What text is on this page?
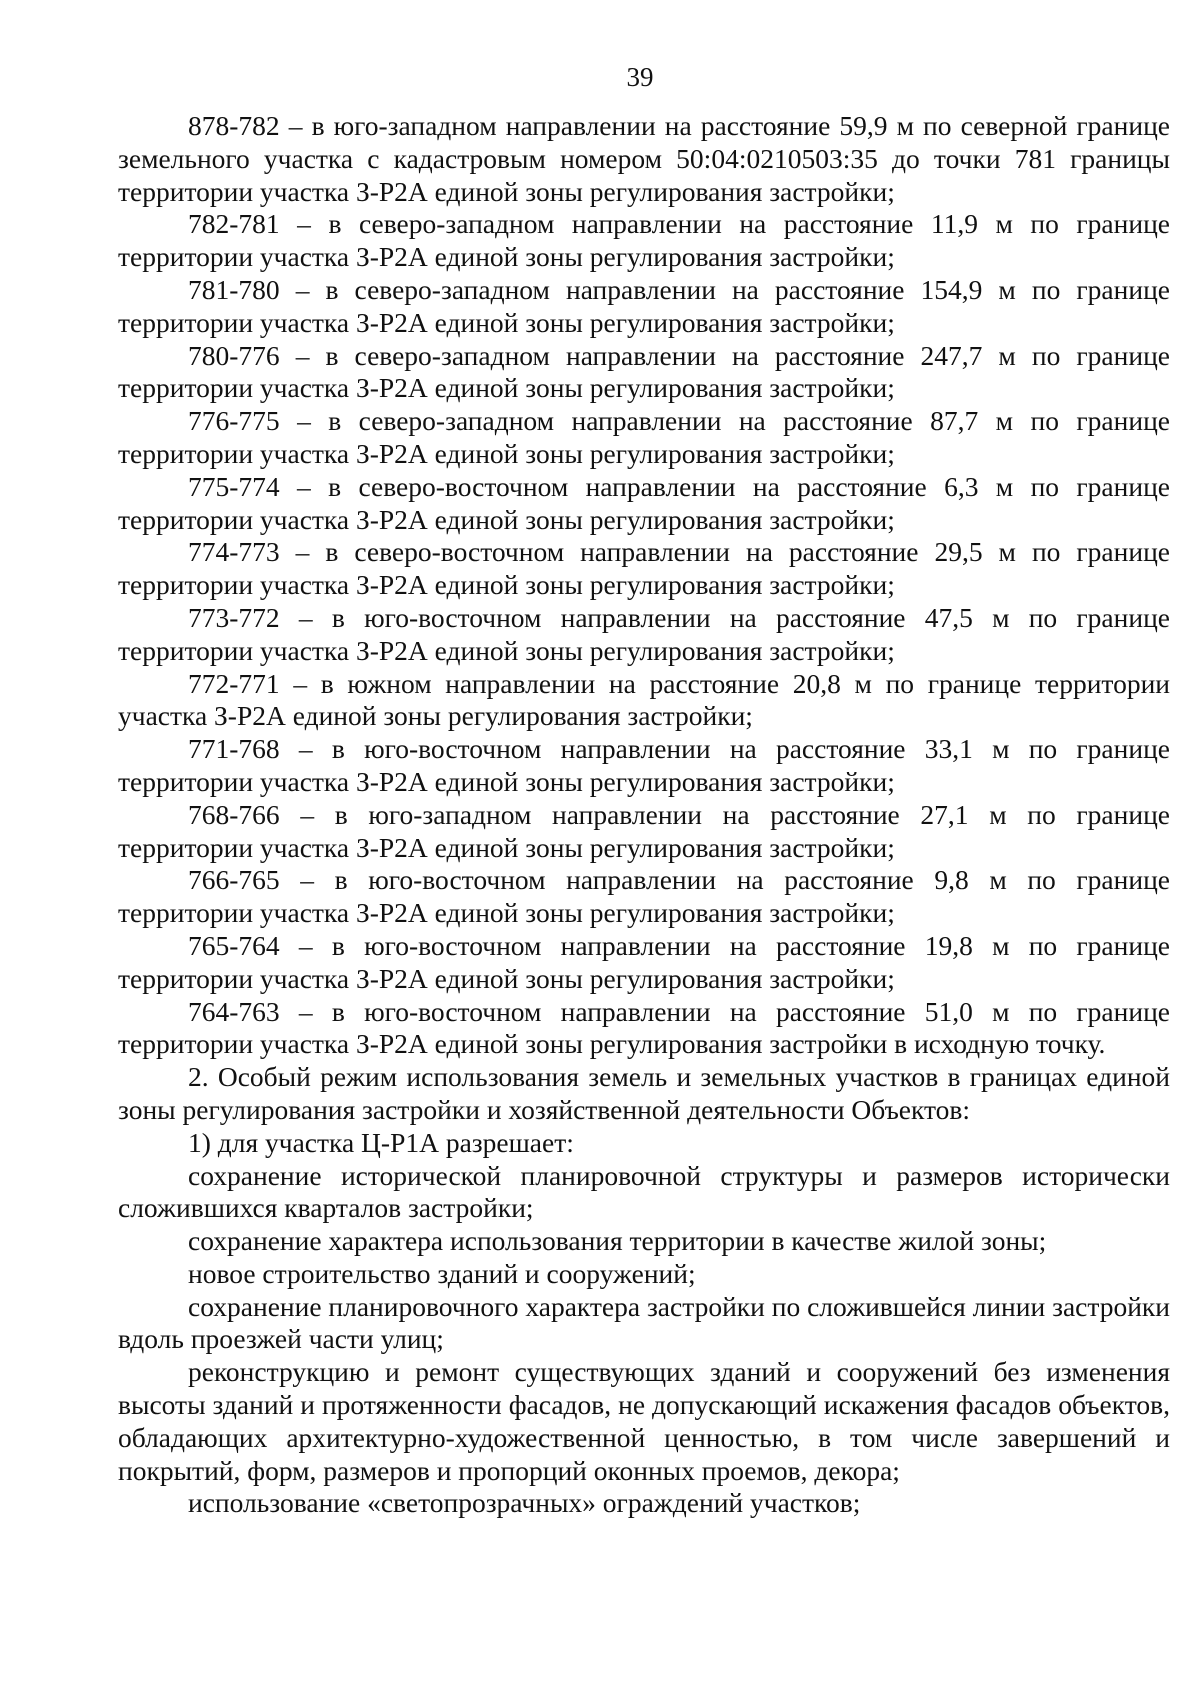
39

878-782 – в юго-западном направлении на расстояние 59,9 м по северной границе земельного участка с кадастровым номером 50:04:0210503:35 до точки 781 границы территории участка З-Р2А единой зоны регулирования застройки;

782-781 – в северо-западном направлении на расстояние 11,9 м по границе территории участка З-Р2А единой зоны регулирования застройки;

781-780 – в северо-западном направлении на расстояние 154,9 м по границе территории участка З-Р2А единой зоны регулирования застройки;

780-776 – в северо-западном направлении на расстояние 247,7 м по границе территории участка З-Р2А единой зоны регулирования застройки;

776-775 – в северо-западном направлении на расстояние 87,7 м по границе территории участка З-Р2А единой зоны регулирования застройки;

775-774 – в северо-восточном направлении на расстояние 6,3 м по границе территории участка З-Р2А единой зоны регулирования застройки;

774-773 – в северо-восточном направлении на расстояние 29,5 м по границе территории участка З-Р2А единой зоны регулирования застройки;

773-772 – в юго-восточном направлении на расстояние 47,5 м по границе территории участка З-Р2А единой зоны регулирования застройки;

772-771 – в южном направлении на расстояние 20,8 м по границе территории участка З-Р2А единой зоны регулирования застройки;

771-768 – в юго-восточном направлении на расстояние 33,1 м по границе территории участка З-Р2А единой зоны регулирования застройки;

768-766 – в юго-западном направлении на расстояние 27,1 м по границе территории участка З-Р2А единой зоны регулирования застройки;

766-765 – в юго-восточном направлении на расстояние 9,8 м по границе территории участка З-Р2А единой зоны регулирования застройки;

765-764 – в юго-восточном направлении на расстояние 19,8 м по границе территории участка З-Р2А единой зоны регулирования застройки;

764-763 – в юго-восточном направлении на расстояние 51,0 м по границе территории участка З-Р2А единой зоны регулирования застройки в исходную точку.

2. Особый режим использования земель и земельных участков в границах единой зоны регулирования застройки и хозяйственной деятельности Объектов:

1) для участка Ц-Р1А разрешает:

сохранение исторической планировочной структуры и размеров исторически сложившихся кварталов застройки;

сохранение характера использования территории в качестве жилой зоны;

новое строительство зданий и сооружений;

сохранение планировочного характера застройки по сложившейся линии застройки вдоль проезжей части улиц;

реконструкцию и ремонт существующих зданий и сооружений без изменения высоты зданий и протяженности фасадов, не допускающий искажения фасадов объектов, обладающих архитектурно-художественной ценностью, в том числе завершений и покрытий, форм, размеров и пропорций оконных проемов, декора;

использование «светопрозрачных» ограждений участков;
